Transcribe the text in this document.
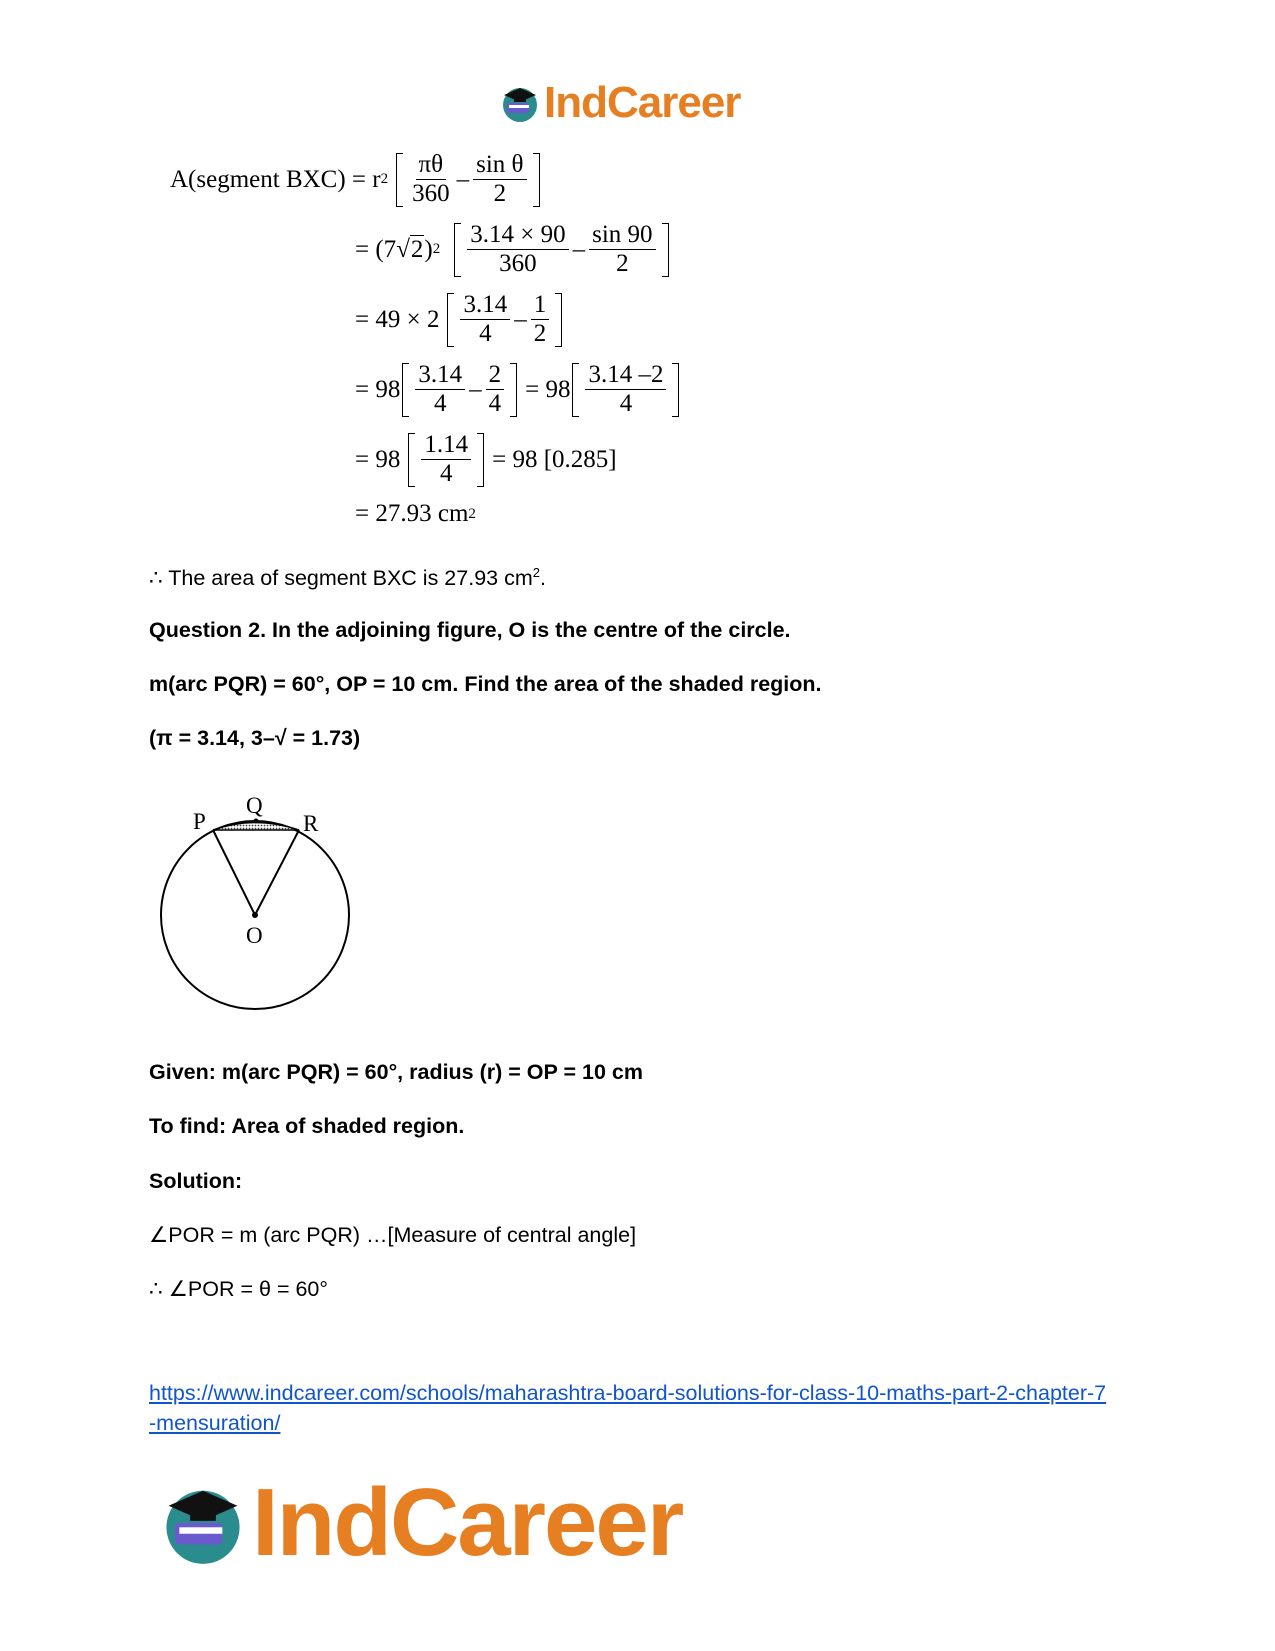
IndCareer
A(segment BXC) = r $2 \frac{\pi\theta}{360} - \frac{\text{sin θ}}{2}$
=
(7 √ 2 ) $2 \frac{3.14 \times 90}{360} - \frac{\sin 90}{2}$
= $49 \times 2 \frac{3.14}{4} - \frac{1}{2}$
= $98 \frac{3.14}{4} - \frac{2}{4} = 98 \frac{3.14 -2}{4}$
= $98 \frac{1.14}{4} = 98$ [0.285]
= 27.93 cm 2
∴ The area of segment BXC is 27.93 $cm^2$.
Question 2. In the adjoining figure, O is the centre of the circle.
m(arc PQR) = 60°, OP = 10 cm. Find the area of the shaded region.
(π = 3.14, 3–√ = 1.73)
P
Q
R
O
Given: m(arc PQR) = 60°, radius (r) = OP = 10 cm
To find: Area of shaded region.
Solution:
∠POR = m (arc PQR) …[Measure of central angle]
∴ ∠POR = θ = 60°
https://www.indcareer.com/schools/maharashtra-board-solutions-for-class-10-maths-part-2-chapter-7-mensuration/
IndCareer
